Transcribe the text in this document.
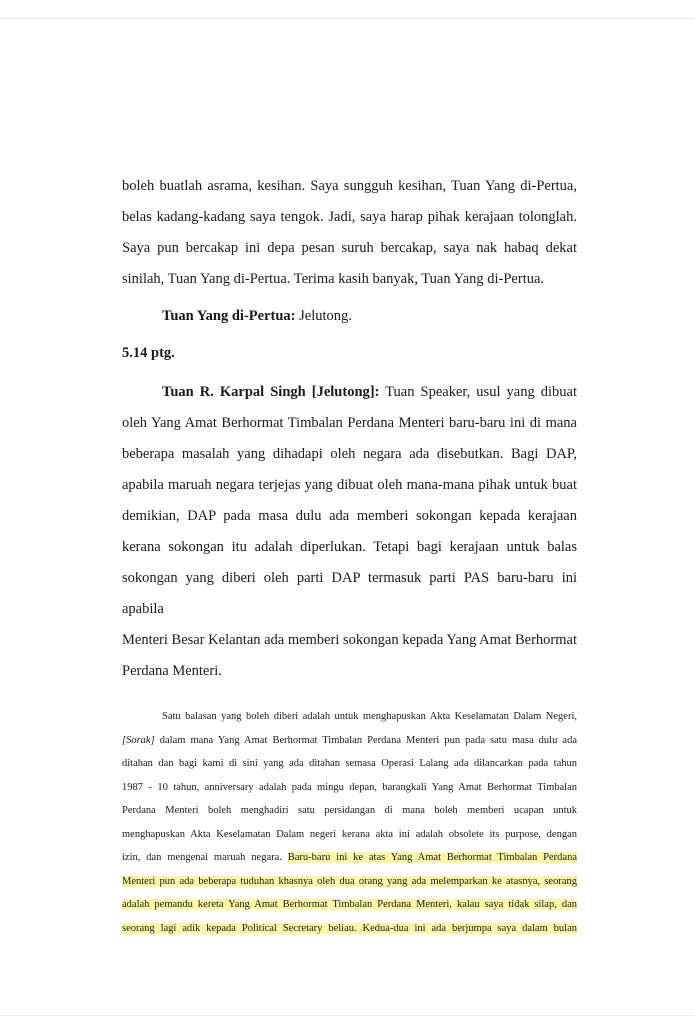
boleh buatlah asrama, kesihan. Saya sungguh kesihan, Tuan Yang di-Pertua,
belas kadang-kadang saya tengok. Jadi, saya harap pihak kerajaan tolonglah.
Saya pun bercakap ini depa pesan suruh bercakap, saya nak habaq dekat
sinilah, Tuan Yang di-Pertua. Terima kasih banyak, Tuan Yang di-Pertua.
Tuan Yang di-Pertua: Jelutong.
5.14 ptg.
Tuan R. Karpal Singh [Jelutong]: Tuan Speaker, usul yang dibuat
oleh Yang Amat Berhormat Timbalan Perdana Menteri baru-baru ini di mana
beberapa masalah yang dihadapi oleh negara ada disebutkan. Bagi DAP,
apabila maruah negara terjejas yang dibuat oleh mana-mana pihak untuk buat
demikian, DAP pada masa dulu ada memberi sokongan kepada kerajaan
kerana sokongan itu adalah diperlukan. Tetapi bagi kerajaan untuk balas
sokongan yang diberi oleh parti DAP termasuk parti PAS baru-baru ini apabila
Menteri Besar Kelantan ada memberi sokongan kepada Yang Amat Berhormat
Perdana Menteri.
Satu balasan yang boleh diberi adalah untuk menghapuskan Akta Keselamatan Dalam Negeri,
[Sorak] dalam mana Yang Amat Berhormat Timbalan Perdana Menteri pun pada satu masa dulu ada
ditahan dan bagi kami di sini yang ada ditahan semasa Operasi Lalang ada dilancarkan pada tahun
1987 - 10 tahun, anniversary adalah pada mingu depan, barangkali Yang Amat Berhormat Timbalan
Perdana Menteri boleh menghadiri satu persidangan di mana boleh memberi ucapan untuk
menghapuskan Akta Keselamatan Dalam negeri kerana akta ini adalah obsolete its purpose, dengan
izin, dan mengenai maruah negara. Baru-baru ini ke atas Yang Amat Berhormat Timbalan Perdana
Menteri pun ada beberapa tuduhan khasnya oleh dua orang yang ada melemparkan ke atasnya, seorang
adalah pemandu kereta Yang Amat Berhormat Timbalan Perdana Menteri, kalau saya tidak silap, dan
seorang lagi adik kepada Political Secretary beliau. Kedua-dua ini ada berjumpa saya dalam bulan
